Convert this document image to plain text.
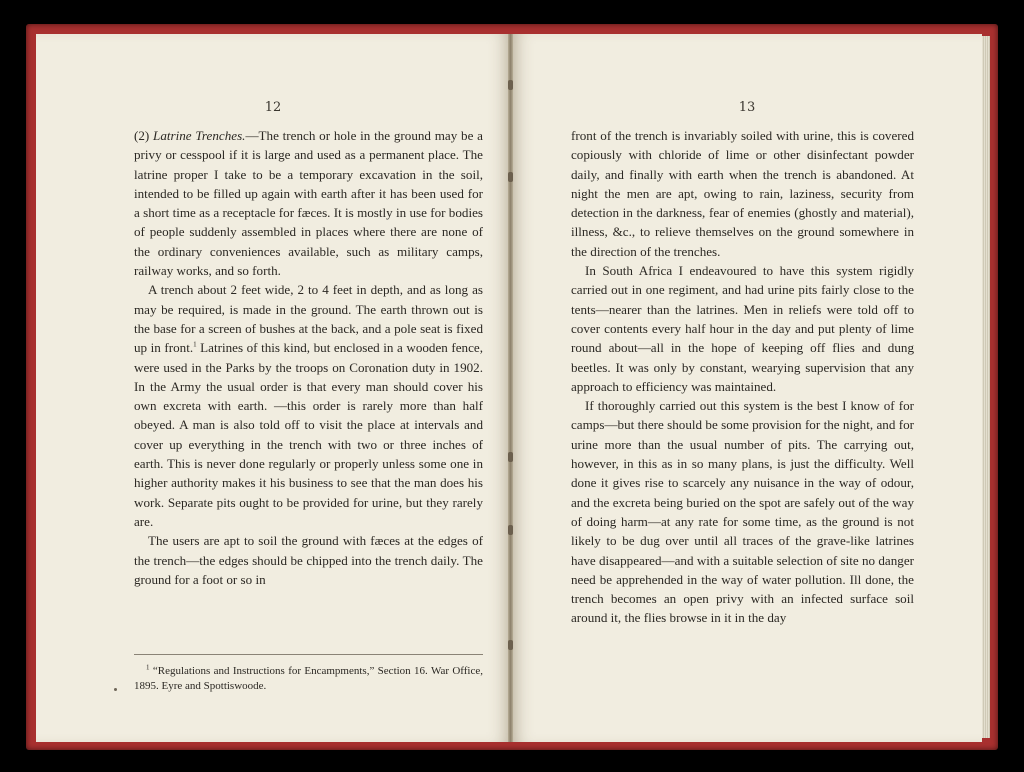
12

(2) Latrine Trenches.—The trench or hole in the ground may be a privy or cesspool if it is large and used as a permanent place. The latrine proper I take to be a temporary excavation in the soil, intended to be filled up again with earth after it has been used for a short time as a receptacle for fæces. It is mostly in use for bodies of people suddenly assembled in places where there are none of the ordinary conveniences available, such as military camps, railway works, and so forth.

A trench about 2 feet wide, 2 to 4 feet in depth, and as long as may be required, is made in the ground. The earth thrown out is the base for a screen of bushes at the back, and a pole seat is fixed up in front.$^1$ Latrines of this kind, but enclosed in a wooden fence, were used in the Parks by the troops on Coronation duty in 1902. In the Army the usual order is that every man should cover his own excreta with earth. —this order is rarely more than half obeyed. A man is also told off to visit the place at intervals and cover up everything in the trench with two or three inches of earth. This is never done regularly or properly unless some one in higher authority makes it his business to see that the man does his work. Separate pits ought to be provided for urine, but they rarely are.

The users are apt to soil the ground with fæces at the edges of the trench—the edges should be chipped into the trench daily. The ground for a foot or so in

$^1$ “Regulations and Instructions for Encampments,” Section 16. War Office, 1895. Eyre and Spottiswoode.
13

front of the trench is invariably soiled with urine, this is covered copiously with chloride of lime or other disinfectant powder daily, and finally with earth when the trench is abandoned. At night the men are apt, owing to rain, laziness, security from detection in the darkness, fear of enemies (ghostly and material), illness, &c., to relieve themselves on the ground somewhere in the direction of the trenches.

In South Africa I endeavoured to have this system rigidly carried out in one regiment, and had urine pits fairly close to the tents—nearer than the latrines. Men in reliefs were told off to cover contents every half hour in the day and put plenty of lime round about—all in the hope of keeping off flies and dung beetles. It was only by constant, wearying supervision that any approach to efficiency was maintained.

If thoroughly carried out this system is the best I know of for camps—but there should be some provision for the night, and for urine more than the usual number of pits. The carrying out, however, in this as in so many plans, is just the difficulty. Well done it gives rise to scarcely any nuisance in the way of odour, and the excreta being buried on the spot are safely out of the way of doing harm—at any rate for some time, as the ground is not likely to be dug over until all traces of the grave-like latrines have disappeared—and with a suitable selection of site no danger need be apprehended in the way of water pollution. Ill done, the trench becomes an open privy with an infected surface soil around it, the flies browse in it in the day
